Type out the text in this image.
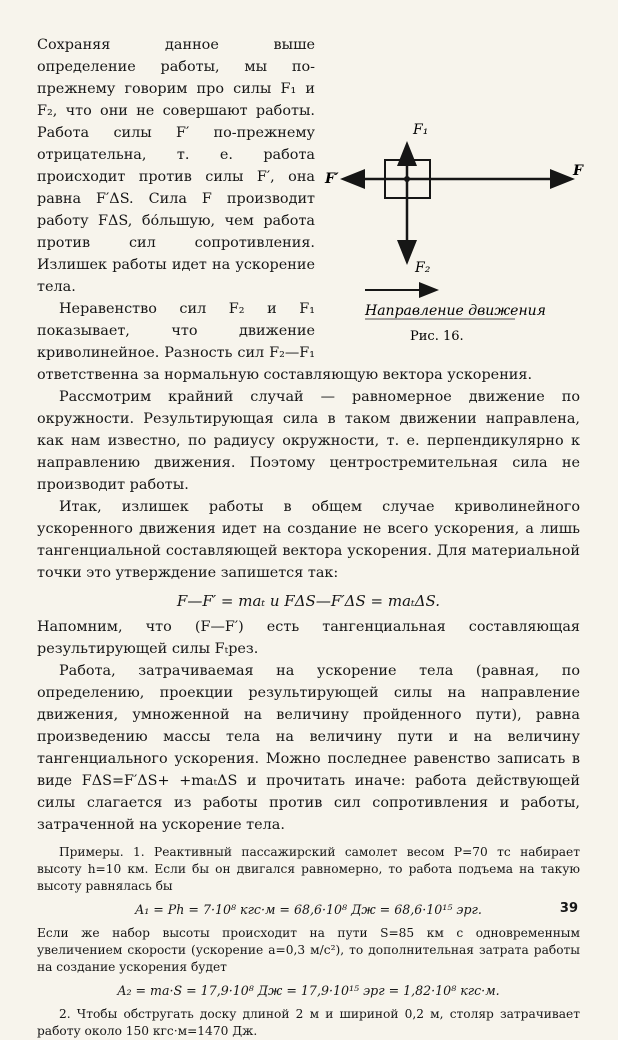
F₁
F₂
F′	F
Направление движения
Рис. 16.

Сохраняя данное выше определение работы, мы по-прежнему говорим про силы F₁ и F₂, что они не совершают работы. Работа силы F′ по-прежнему отрицательна, т. е. работа происходит против силы F′, она равна F′ΔS. Сила F производит работу FΔS, бо́льшую, чем работа против сил сопротивления. Излишек работы идет на ускорение тела.

Неравенство сил F₂ и F₁ показывает, что движение криволинейное. Разность сил F₂—F₁ ответственна за нормальную составляющую вектора ускорения.

Рассмотрим крайний случай — равномерное движение по окружности. Результирующая сила в таком движении направлена, как нам известно, по радиусу окружности, т. е. перпендикулярно к направлению движения. Поэтому центростремительная сила не производит работы.

Итак, излишек работы в общем случае криволинейного ускоренного движения идет на создание не всего ускорения, а лишь тангенциальной составляющей вектора ускорения. Для материальной точки это утверждение запишется так:

F—F′ = maₜ и FΔS—F′ΔS = maₜΔS.

Напомним, что (F—F′) есть тангенциальная составляющая результирующей силы Fₜрез.

Работа, затрачиваемая на ускорение тела (равная, по определению, проекции результирующей силы на направление движения, умноженной на величину пройденного пути), равна произведению массы тела на величину пути и на величину тангенциального ускорения. Можно последнее равенство записать в виде FΔS=F′ΔS+ +maₜΔS и прочитать иначе: работа действующей силы слагается из работы против сил сопротивления и работы, затраченной на ускорение тела.

Примеры. 1. Реактивный пассажирский самолет весом P=70 тс набирает высоту h=10 км. Если бы он двигался равномерно, то работа подъема на такую высоту равнялась бы

A₁ = Ph = 7·10⁸ кгс·м = 68,6·10⁸ Дж = 68,6·10¹⁵ эрг.

Если же набор высоты происходит на пути S=85 км с одновременным увеличением скорости (ускорение a=0,3 м/с²), то дополнительная затрата работы на создание ускорения будет

A₂ = ma·S = 17,9·10⁸ Дж = 17,9·10¹⁵ эрг = 1,82·10⁸ кгс·м.

2. Чтобы обстругать доску длиной 2 м и шириной 0,2 м, столяр затрачивает работу около 150 кгс·м=1470 Дж.

39
